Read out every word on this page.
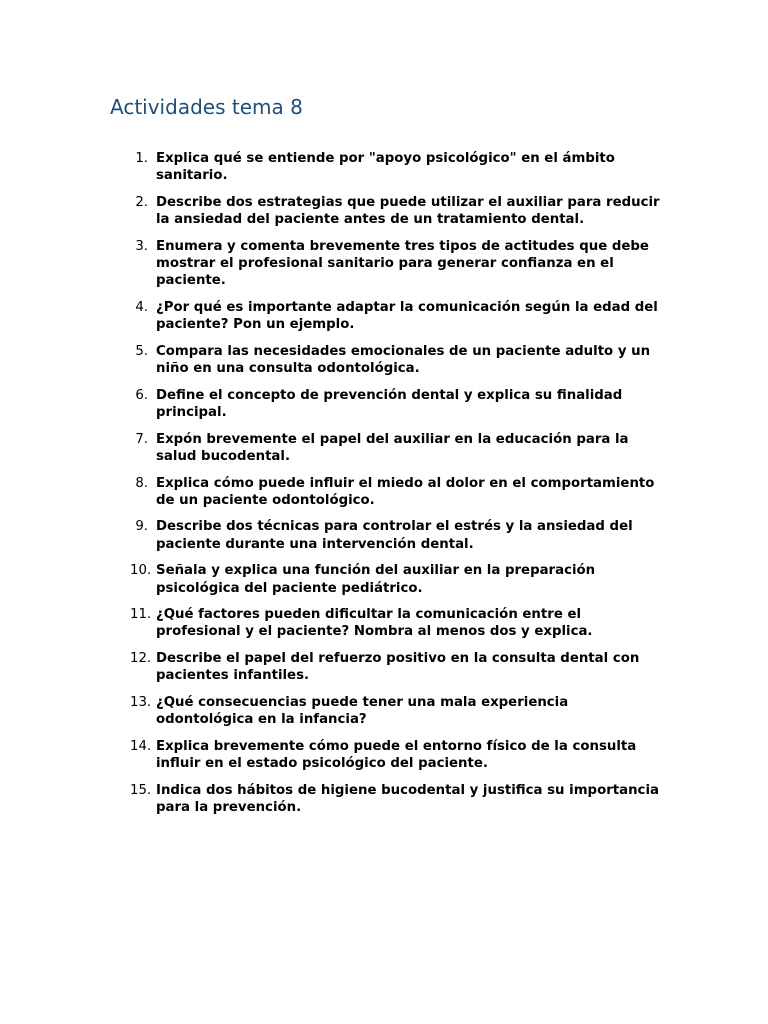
Actividades tema 8
1. Explica qué se entiende por "apoyo psicológico" en el ámbito sanitario.
2. Describe dos estrategias que puede utilizar el auxiliar para reducir la ansiedad del paciente antes de un tratamiento dental.
3. Enumera y comenta brevemente tres tipos de actitudes que debe mostrar el profesional sanitario para generar confianza en el paciente.
4. ¿Por qué es importante adaptar la comunicación según la edad del paciente? Pon un ejemplo.
5. Compara las necesidades emocionales de un paciente adulto y un niño en una consulta odontológica.
6. Define el concepto de prevención dental y explica su finalidad principal.
7. Expón brevemente el papel del auxiliar en la educación para la salud bucodental.
8. Explica cómo puede influir el miedo al dolor en el comportamiento de un paciente odontológico.
9. Describe dos técnicas para controlar el estrés y la ansiedad del paciente durante una intervención dental.
10. Señala y explica una función del auxiliar en la preparación psicológica del paciente pediátrico.
11. ¿Qué factores pueden dificultar la comunicación entre el profesional y el paciente? Nombra al menos dos y explica.
12. Describe el papel del refuerzo positivo en la consulta dental con pacientes infantiles.
13. ¿Qué consecuencias puede tener una mala experiencia odontológica en la infancia?
14. Explica brevemente cómo puede el entorno físico de la consulta influir en el estado psicológico del paciente.
15. Indica dos hábitos de higiene bucodental y justifica su importancia para la prevención.
